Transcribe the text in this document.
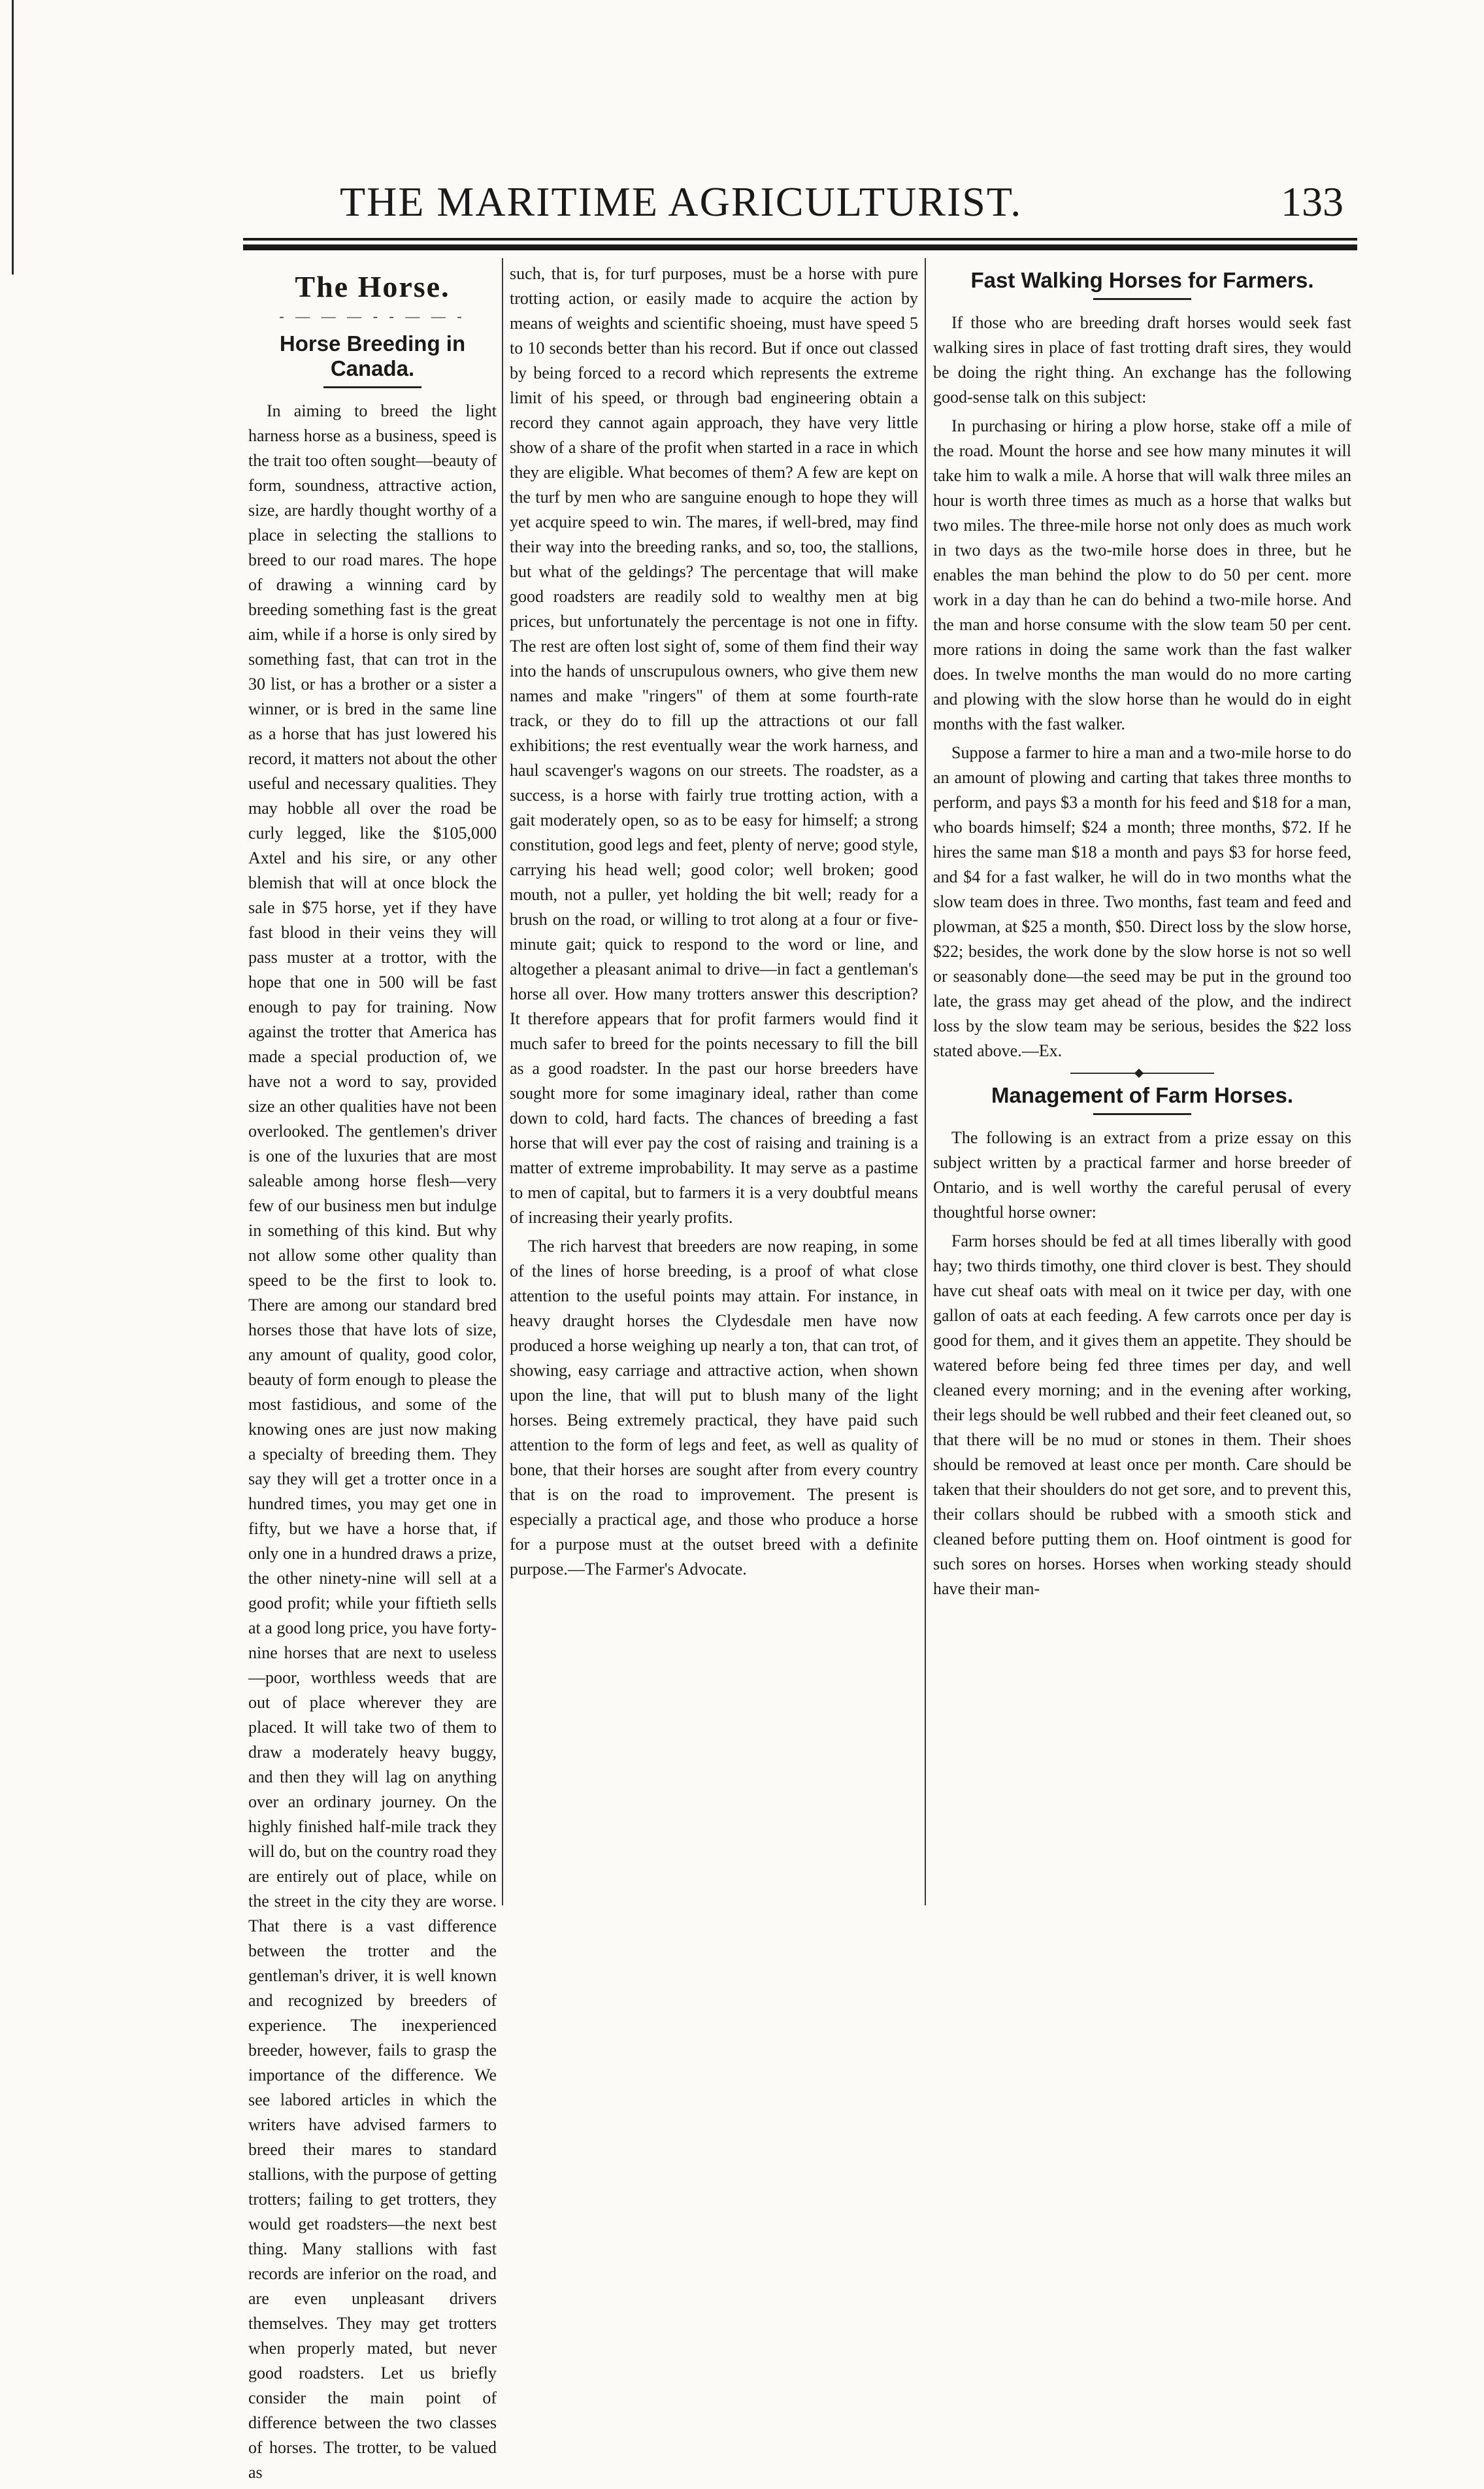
THE MARITIME AGRICULTURIST.	133
The Horse.
- — — — - - — — -
Horse Breeding in Canada.

In aiming to breed the light harness horse as a business, speed is the trait too often sought—beauty of form, soundness, attractive action, size, are hardly thought worthy of a place in selecting the stallions to breed to our road mares. The hope of drawing a winning card by breeding something fast is the great aim, while if a horse is only sired by something fast, that can trot in the 30 list, or has a brother or a sister a winner, or is bred in the same line as a horse that has just lowered his record, it matters not about the other useful and necessary qualities. They may hobble all over the road be curly legged, like the $105,000 Axtel and his sire, or any other blemish that will at once block the sale in $75 horse, yet if they have fast blood in their veins they will pass muster at a trottor, with the hope that one in 500 will be fast enough to pay for training. Now against the trotter that America has made a special production of, we have not a word to say, provided size an other qualities have not been overlooked. The gentlemen's driver is one of the luxuries that are most saleable among horse flesh—very few of our business men but indulge in something of this kind. But why not allow some other quality than speed to be the first to look to. There are among our standard bred horses those that have lots of size, any amount of quality, good color, beauty of form enough to please the most fastidious, and some of the knowing ones are just now making a specialty of breeding them. They say they will get a trotter once in a hundred times, you may get one in fifty, but we have a horse that, if only one in a hundred draws a prize, the other ninety-nine will sell at a good profit; while your fiftieth sells at a good long price, you have forty-nine horses that are next to useless—poor, worthless weeds that are out of place wherever they are placed. It will take two of them to draw a moderately heavy buggy, and then they will lag on anything over an ordinary journey. On the highly finished half-mile track they will do, but on the country road they are entirely out of place, while on the street in the city they are worse. That there is a vast difference between the trotter and the gentleman's driver, it is well known and recognized by breeders of experience. The inexperienced breeder, however, fails to grasp the importance of the difference. We see labored articles in which the writers have advised farmers to breed their mares to standard stallions, with the purpose of getting trotters; failing to get trotters, they would get roadsters—the next best thing. Many stallions with fast records are inferior on the road, and are even unpleasant drivers themselves. They may get trotters when properly mated, but never good roadsters. Let us briefly consider the main point of difference between the two classes of horses. The trotter, to be valued as

such, that is, for turf purposes, must be a horse with pure trotting action, or easily made to acquire the action by means of weights and scientific shoeing, must have speed 5 to 10 seconds better than his record. But if once out classed by being forced to a record which represents the extreme limit of his speed, or through bad engineering obtain a record they cannot again approach, they have very little show of a share of the profit when started in a race in which they are eligible. What becomes of them? A few are kept on the turf by men who are sanguine enough to hope they will yet acquire speed to win. The mares, if well-bred, may find their way into the breeding ranks, and so, too, the stallions, but what of the geldings? The percentage that will make good roadsters are readily sold to wealthy men at big prices, but unfortunately the percentage is not one in fifty. The rest are often lost sight of, some of them find their way into the hands of unscrupulous owners, who give them new names and make "ringers" of them at some fourth-rate track, or they do to fill up the attractions ot our fall exhibitions; the rest eventually wear the work harness, and haul scavenger's wagons on our streets. The roadster, as a success, is a horse with fairly true trotting action, with a gait moderately open, so as to be easy for himself; a strong constitution, good legs and feet, plenty of nerve; good style, carrying his head well; good color; well broken; good mouth, not a puller, yet holding the bit well; ready for a brush on the road, or willing to trot along at a four or five-minute gait; quick to respond to the word or line, and altogether a pleasant animal to drive—in fact a gentleman's horse all over. How many trotters answer this description? It therefore appears that for profit farmers would find it much safer to breed for the points necessary to fill the bill as a good roadster. In the past our horse breeders have sought more for some imaginary ideal, rather than come down to cold, hard facts. The chances of breeding a fast horse that will ever pay the cost of raising and training is a matter of extreme improbability. It may serve as a pastime to men of capital, but to farmers it is a very doubtful means of increasing their yearly profits.

The rich harvest that breeders are now reaping, in some of the lines of horse breeding, is a proof of what close attention to the useful points may attain. For instance, in heavy draught horses the Clydesdale men have now produced a horse weighing up nearly a ton, that can trot, of showing, easy carriage and attractive action, when shown upon the line, that will put to blush many of the light horses. Being extremely practical, they have paid such attention to the form of legs and feet, as well as quality of bone, that their horses are sought after from every country that is on the road to improvement. The present is especially a practical age, and those who produce a horse for a purpose must at the outset breed with a definite purpose.—The Farmer's Advocate.

Fast Walking Horses for Farmers.

If those who are breeding draft horses would seek fast walking sires in place of fast trotting draft sires, they would be doing the right thing. An exchange has the following good-sense talk on this subject:

In purchasing or hiring a plow horse, stake off a mile of the road. Mount the horse and see how many minutes it will take him to walk a mile. A horse that will walk three miles an hour is worth three times as much as a horse that walks but two miles. The three-mile horse not only does as much work in two days as the two-mile horse does in three, but he enables the man behind the plow to do 50 per cent. more work in a day than he can do behind a two-mile horse. And the man and horse consume with the slow team 50 per cent. more rations in doing the same work than the fast walker does. In twelve months the man would do no more carting and plowing with the slow horse than he would do in eight months with the fast walker.

Suppose a farmer to hire a man and a two-mile horse to do an amount of plowing and carting that takes three months to perform, and pays $3 a month for his feed and $18 for a man, who boards himself; $24 a month; three months, $72. If he hires the same man $18 a month and pays $3 for horse feed, and $4 for a fast walker, he will do in two months what the slow team does in three. Two months, fast team and feed and plowman, at $25 a month, $50. Direct loss by the slow horse, $22; besides, the work done by the slow horse is not so well or seasonably done—the seed may be put in the ground too late, the grass may get ahead of the plow, and the indirect loss by the slow team may be serious, besides the $22 loss stated above.—Ex.

Management of Farm Horses.

The following is an extract from a prize essay on this subject written by a practical farmer and horse breeder of Ontario, and is well worthy the careful perusal of every thoughtful horse owner:

Farm horses should be fed at all times liberally with good hay; two thirds timothy, one third clover is best. They should have cut sheaf oats with meal on it twice per day, with one gallon of oats at each feeding. A few carrots once per day is good for them, and it gives them an appetite. They should be watered before being fed three times per day, and well cleaned every morning; and in the evening after working, their legs should be well rubbed and their feet cleaned out, so that there will be no mud or stones in them. Their shoes should be removed at least once per month. Care should be taken that their shoulders do not get sore, and to prevent this, their collars should be rubbed with a smooth stick and cleaned before putting them on. Hoof ointment is good for such sores on horses. Horses when working steady should have their man-
